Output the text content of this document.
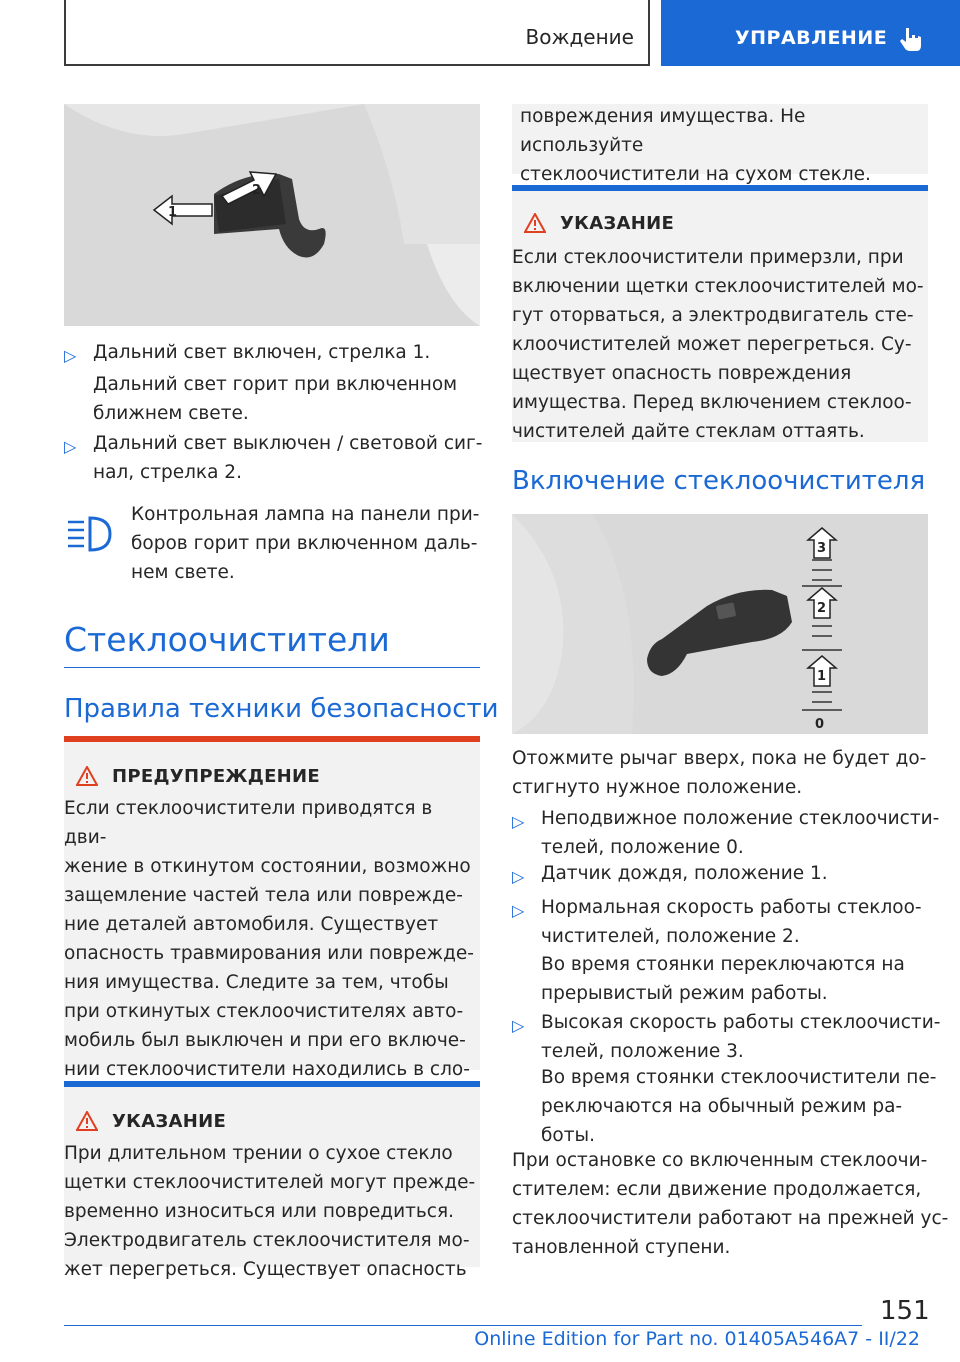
Вождение	УПРАВЛЕНИЕ
1
2
▷ Дальний свет включен, стрелка 1.
Дальний свет горит при включенном
ближнем свете.
▷ Дальний свет выключен / световой сиг-
нал, стрелка 2.
Контрольная лампа на панели при-
боров горит при включенном даль-
нем свете.
Стеклоочистители
Правила техники безопасности
ПРЕДУПРЕЖДЕНИЕ
Если стеклоочистители приводятся в дви-
жение в откинутом состоянии, возможно
защемление частей тела или поврежде-
ние деталей автомобиля. Существует
опасность травмирования или поврежде-
ния имущества. Следите за тем, чтобы
при откинутых стеклоочистителях авто-
мобиль был выключен и при его включе-
нии стеклоочистители находились в сло-
УКАЗАНИЕ
При длительном трении о сухое стекло
щетки стеклоочистителей могут прежде-
временно износиться или повредиться.
Электродвигатель стеклоочистителя мо-
жет перегреться. Существует опасность
повреждения имущества. Не используйте
стеклоочистители на сухом стекле.
УКАЗАНИЕ
Если стеклоочистители примерзли, при
включении щетки стеклоочистителей мо-
гут оторваться, а электродвигатель сте-
клоочистителей может перегреться. Су-
ществует опасность повреждения
имущества. Перед включением стеклоо-
чистителей дайте стеклам оттаять.
Включение стеклоочистителя
3
2
1
0
Отожмите рычаг вверх, пока не будет до-
стигнуто нужное положение.
▷ Неподвижное положение стеклоочисти-
телей, положение 0.
▷ Датчик дождя, положение 1.
▷ Нормальная скорость работы стеклоо-
чистителей, положение 2.
Во время стоянки переключаются на
прерывистый режим работы.
▷ Высокая скорость работы стеклоочисти-
телей, положение 3.
Во время стоянки стеклоочистители пе-
реключаются на обычный режим ра-
боты.
При остановке со включенным стеклоочи-
стителем: если движение продолжается,
стеклоочистители работают на прежней ус-
тановленной ступени.
151
Online Edition for Part no. 01405A546A7 - II/22
